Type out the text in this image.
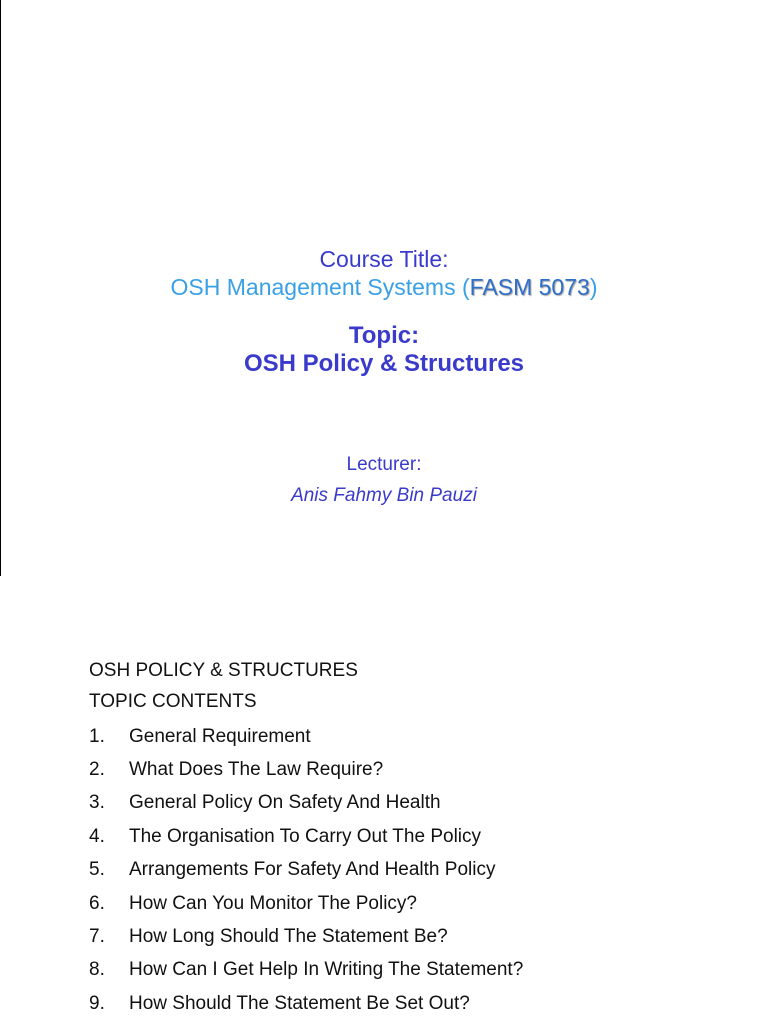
Course Title:
OSH Management Systems (FASM 5073)
Topic:
OSH Policy & Structures
Lecturer:
Anis Fahmy Bin Pauzi
OSH POLICY & STRUCTURES
TOPIC CONTENTS
1.	General Requirement
2.	What Does The Law Require?
3.	General Policy On Safety And Health
4.	The Organisation To Carry Out The Policy
5.	Arrangements For Safety And Health Policy
6.	How Can You Monitor The Policy?
7.	How Long Should The Statement Be?
8.	How Can I Get Help In Writing The Statement?
9.	How Should The Statement Be Set Out?
